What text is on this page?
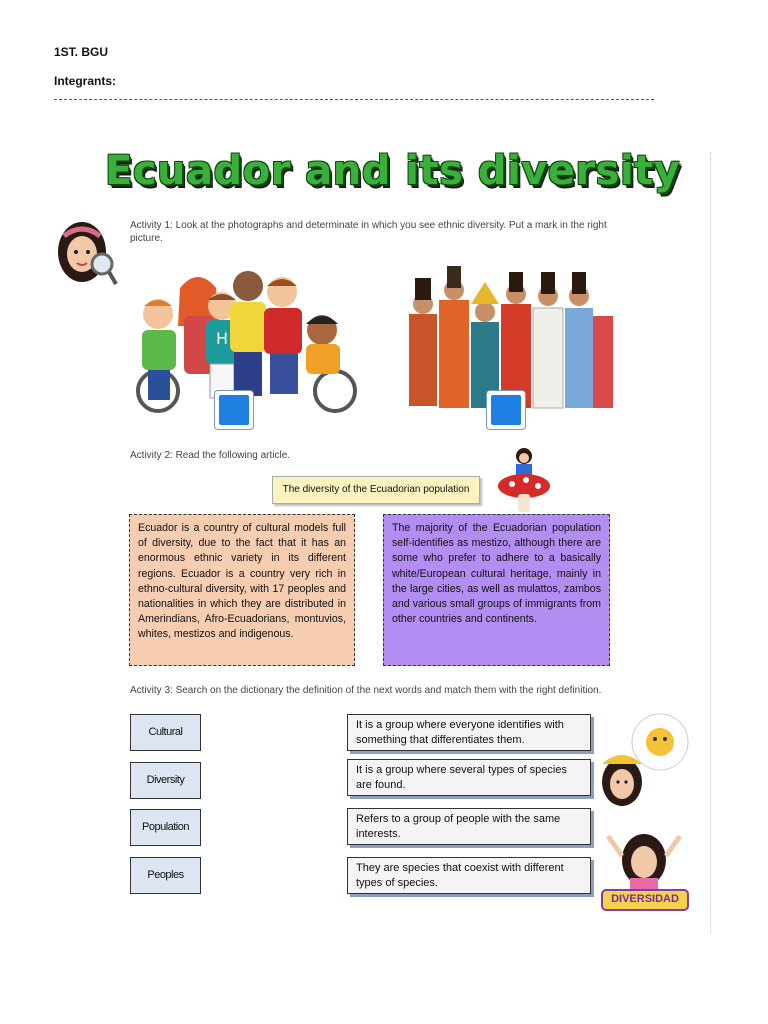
1ST. BGU
Integrants:
Ecuador and its diversity
Activity 1: Look at the photographs and determinate in which you see ethnic diversity. Put a mark in the right picture.
H
Activity 2: Read the following article.
The diversity of the Ecuadorian population
Ecuador is a country of cultural models full of diversity, due to the fact that it has an enormous ethnic variety in its different regions. Ecuador is a country very rich in ethno-cultural diversity, with 17 peoples and nationalities in which they are distributed in Amerindians, Afro-Ecuadorians, montuvios, whites, mestizos and indigenous.
The majority of the Ecuadorian population self-identifies as mestizo, although there are some who prefer to adhere to a basically white/European cultural heritage, mainly in the large cities, as well as mulattos, zambos and various small groups of immigrants from other countries and continents.
Activity 3: Search on the dictionary the definition of the next words and match them with the right definition.
Cultural
Diversity
Population
Peoples
It is a group where everyone identifies with something that differentiates them.
It is a group where several types of species are found.
Refers to a group of people with the same interests.
They are species that coexist with different types of species.
DIVERSIDAD
